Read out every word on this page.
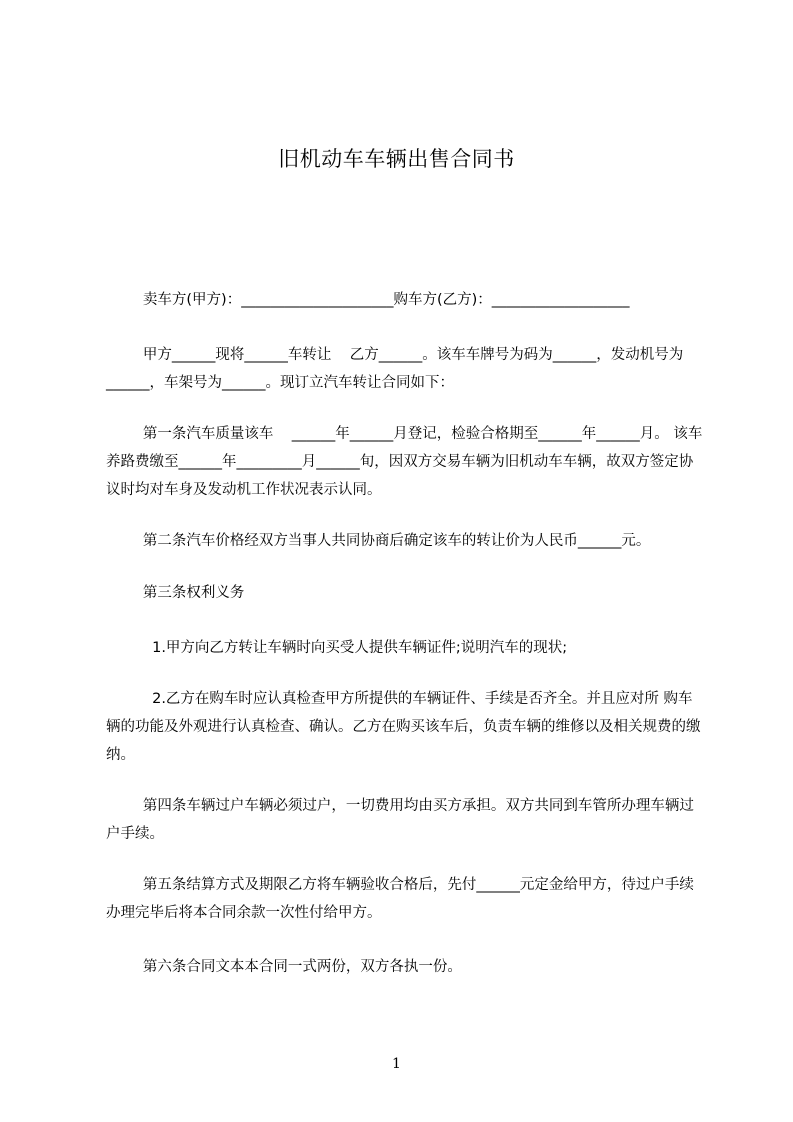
旧机动车车辆出售合同书
卖车方(甲方)：_____________________购车方(乙方)：___________________
甲方______现将______车转让    乙方______。该车车牌号为码为______，发动机号为______，车架号为______。现订立汽车转让合同如下：
第一条汽车质量该车    ______年______月登记，检验合格期至______年______月。 该车养路费缴至______年_________月______旬，因双方交易车辆为旧机动车车辆，故双方签定协议时均对车身及发动机工作状况表示认同。
第二条汽车价格经双方当事人共同协商后确定该车的转让价为人民币______元。
第三条权利义务
1.甲方向乙方转让车辆时向买受人提供车辆证件;说明汽车的现状;
2.乙方在购车时应认真检查甲方所提供的车辆证件、手续是否齐全。并且应对所 购车辆的功能及外观进行认真检查、确认。乙方在购买该车后，负责车辆的维修以及相关规费的缴纳。
第四条车辆过户车辆必须过户，一切费用均由买方承担。双方共同到车管所办理车辆过户手续。
第五条结算方式及期限乙方将车辆验收合格后，先付______元定金给甲方，待过户手续办理完毕后将本合同余款一次性付给甲方。
第六条合同文本本合同一式两份，双方各执一份。
1
